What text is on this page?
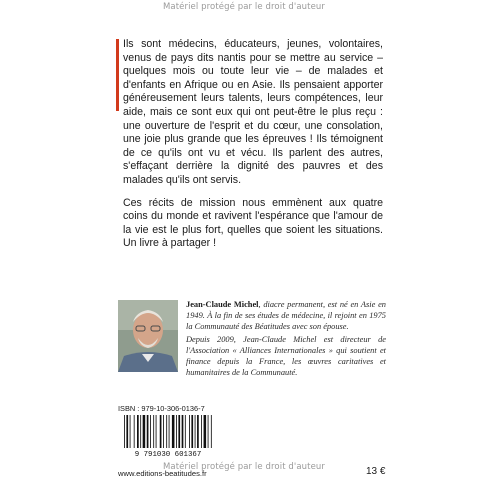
Matériel protégé par le droit d'auteur

Ils sont médecins, éducateurs, jeunes, volontaires, venus de pays dits nantis pour se mettre au service – quelques mois ou toute leur vie – de malades et d'enfants en Afrique ou en Asie. Ils pensaient apporter généreusement leurs talents, leurs compétences, leur aide, mais ce sont eux qui ont peut-être le plus reçu : une ouverture de l'esprit et du cœur, une consolation, une joie plus grande que les épreuves ! Ils témoignent de ce qu'ils ont vu et vécu. Ils parlent des autres, s'effaçant derrière la dignité des pauvres et des malades qu'ils ont servis.

Ces récits de mission nous emmènent aux quatre coins du monde et ravivent l'espérance que l'amour de la vie est le plus fort, quelles que soient les situations. Un livre à partager !

Jean-Claude Michel, diacre permanent, est né en Asie en 1949. À la fin de ses études de médecine, il rejoint en 1975 la Communauté des Béatitudes avec son épouse.

Depuis 2009, Jean-Claude Michel est directeur de l'Association « Alliances Internationales » qui soutient et finance depuis la France, les œuvres caritatives et humanitaires de la Communauté.

ISBN : 979-10-306-0136-7
9 791030 601367
www.editions-beatitudes.fr	13 €
Matériel protégé par le droit d'auteur
